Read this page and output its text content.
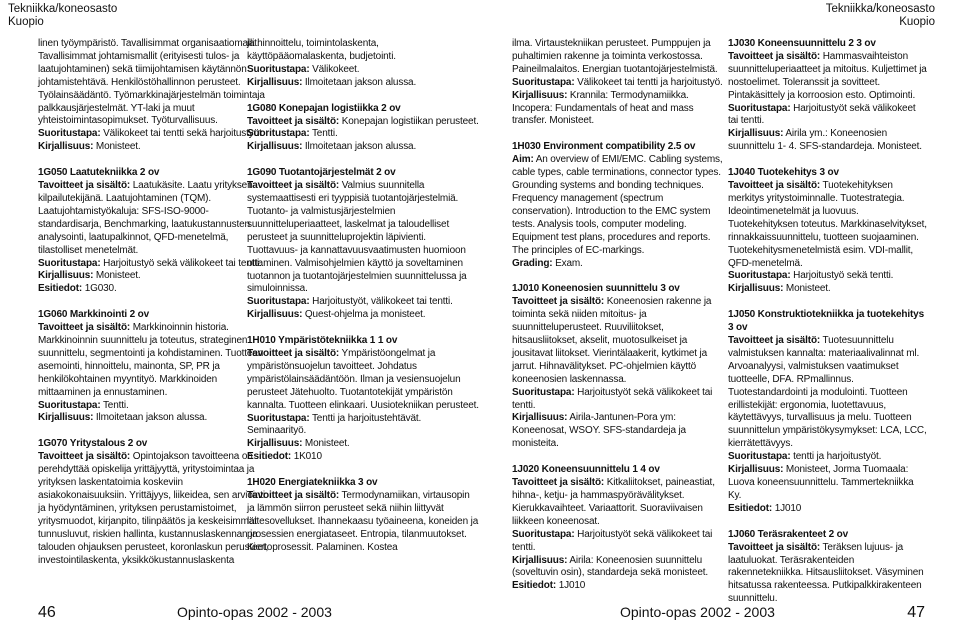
Tekniikka/koneosasto
Kuopio
Tekniikka/koneosasto
Kuopio

linen työympäristö. Tavallisimmat organisaatiomallit. Tavallisimmat johtamismallit (erityisesti tulos- ja laatujohtaminen) sekä tiimijohtamisen käytännön johtamistehtävä. Henkilöstöhallinnon perusteet. Työlainsäädäntö. Työmarkkinajärjestelmän toimintaja palkkausjärjestelmät. YT-laki ja muut yhteistoimintasopimukset. Työturvallisuus.

Suoritustapa: Välikokeet tai tentti sekä harjoitustyöt.

Kirjallisuus: Monisteet.

1G050 Laatutekniikka 2 ov

Tavoitteet ja sisältö: Laatukäsite. Laatu yrityksen kilpailutekijänä. Laatujohtaminen (TQM). Laatujohtamistyökaluja: SFS-ISO-9000-standardisarja, Benchmarking, laatukustannusten analysointi, laatupalkinnot, QFD-menetelmä, tilastolliset menetelmät.

Suoritustapa: Harjoitustyö sekä välikokeet tai tentti.

Kirjallisuus: Monisteet.

Esitiedot: 1G030.

1G060 Markkinointi 2 ov

Tavoitteet ja sisältö: Markkinoinnin historia. Markkinoinnin suunnittelu ja toteutus, strateginen suunnittelu, segmentointi ja kohdistaminen. Tuotteen asemointi, hinnoittelu, mainonta, SP, PR ja henkilökohtainen myyntityö. Markkinoiden mittaaminen ja ennustaminen.

Suoritustapa: Tentti.

Kirjallisuus: Ilmoitetaan jakson alussa.

1G070 Yritystalous 2 ov

Tavoitteet ja sisältö: Opintojakson tavoitteena on perehdyttää opiskelija yrittäjyyttä, yritystoimintaa ja yrityksen laskentatoimia koskeviin asiakokonaisuuksiin. Yrittäjyys, liikeidea, sen arviointi ja hyödyntäminen, yrityksen perustamistoimet, yritysmuodot, kirjanpito, tilinpäätös ja keskeisimmät tunnusluvut, riskien hallinta, kustannuslaskennan ja talouden ohjauksen perusteet, koronlaskun perusteet, investointilaskenta, yksikkökustannuslaskenta

ja hinnoittelu, toimintolaskenta, käyttöpääomalaskenta, budjetointi.

Suoritustapa: Välikokeet.

Kirjallisuus: Ilmoitetaan jakson alussa.

1G080 Konepajan logistiikka 2 ov

Tavoitteet ja sisältö: Konepajan logistiikan perusteet.

Suoritustapa: Tentti.

Kirjallisuus: Ilmoitetaan jakson alussa.

1G090 Tuotantojärjestelmät 2 ov

Tavoitteet ja sisältö: Valmius suunnitella systemaattisesti eri tyyppisiä tuotantojärjestelmiä. Tuotanto- ja valmistusjärjestelmien suunnitteluperiaatteet, laskelmat ja taloudelliset perusteet ja suunnitteluprojektin läpivienti. Tuottavuus- ja kannattavuusvaatimusten huomioon ottaminen. Valmisohjelmien käyttö ja soveltaminen tuotannon ja tuotantojärjestelmien suunnittelussa ja simuloinnissa.

Suoritustapa: Harjoitustyöt, välikokeet tai tentti.

Kirjallisuus: Quest-ohjelma ja monisteet.

1H010 Ympäristötekniikka 1 1 ov

Tavoitteet ja sisältö: Ympäristöongelmat ja ympäristönsuojelun tavoitteet. Johdatus ympäristölainsäädäntöön. Ilman ja vesiensuojelun perusteet Jätehuolto. Tuotantotekijät ympäristön kannalta. Tuotteen elinkaari. Uusiotekniikan perusteet.

Suoritustapa: Tentti ja harjoitustehtävät. Seminaarityö.

Kirjallisuus: Monisteet.

Esitiedot: 1K010

1H020 Energiatekniikka 3 ov

Tavoitteet ja sisältö: Termodynamiikan, virtausopin ja lämmön siirron perusteet sekä niihin liittyvät laitesovellukset. Ihannekaasu työaineena, koneiden ja prosessien energiataseet. Entropia, tilanmuutokset. Kiertoprosessit. Palaminen. Kostea

ilma. Virtaustekniikan perusteet. Pumppujen ja puhaltimien rakenne ja toiminta verkostossa. Paineilmalaitos. Energian tuotantojärjestelmistä.

Suoritustapa: Välikokeet tai tentti ja harjoitustyö.

Kirjallisuus: Krannila: Termodynamiikka. Incopera: Fundamentals of heat and mass transfer. Monisteet.

1H030 Environment compatibility 2.5 ov

Aim: An overview of EMI/EMC. Cabling systems, cable types, cable terminations, connector types. Grounding systems and bonding techniques. Frequency management (spectrum conservation). Introduction to the EMC system tests. Analysis tools, computer modeling. Equipment test plans, procedures and reports. The principles of EC-markings.

Grading: Exam.

1J010 Koneenosien suunnittelu 3 ov

Tavoitteet ja sisältö: Koneenosien rakenne ja toiminta sekä niiden mitoitus- ja suunnitteluperusteet. Ruuviliitokset, hitsausliitokset, akselit, muotosulkeiset ja jousitavat liitokset. Vierintälaakerit, kytkimet ja jarrut. Hihnavälitykset. PC-ohjelmien käyttö koneenosien laskennassa.

Suoritustapa: Harjoitustyöt sekä välikokeet tai tentti.

Kirjallisuus: Airila-Jantunen-Pora ym: Koneenosat, WSOY. SFS-standardeja ja monisteita.

1J020 Koneensuunnittelu 1 4 ov

Tavoitteet ja sisältö: Kitkaliitokset, paineastiat, hihna-, ketju- ja hammaspyörävälitykset. Kierukkavaihteet. Variaattorit. Suoraviivaisen liikkeen koneenosat.

Suoritustapa: Harjoitustyöt sekä välikokeet tai tentti.

Kirjallisuus: Airila: Koneenosien suunnittelu (soveltuvin osin), standardeja sekä monisteet.

Esitiedot: 1J010

1J030 Koneensuunnittelu 2 3 ov

Tavoitteet ja sisältö: Hammasvaihteiston suunnitteluperiaatteet ja mitoitus. Kuljettimet ja nostoelimet. Toleranssit ja sovitteet. Pintakäsittely ja korroosion esto. Optimointi.

Suoritustapa: Harjoitustyöt sekä välikokeet tai tentti.

Kirjallisuus: Airila ym.: Koneenosien suunnittelu 1- 4. SFS-standardeja. Monisteet.

1J040 Tuotekehitys 3 ov

Tavoitteet ja sisältö: Tuotekehityksen merkitys yritystoiminnalle. Tuotestrategia. Ideointimenetelmät ja luovuus. Tuotekehityksen toteutus. Markkinaselvitykset, rinnakkaissuunnittelu, tuotteen suojaaminen. Tuotekehitysmenetelmistä esim. VDI-mallit, QFD-menetelmä.

Suoritustapa: Harjoitustyö sekä tentti.

Kirjallisuus: Monisteet.

1J050 Konstruktiotekniikka ja tuotekehitys 3 ov

Tavoitteet ja sisältö: Tuotesuunnittelu valmistuksen kannalta: materiaalivalinnat ml. Arvoanalyysi, valmistuksen vaatimukset tuotteelle, DFA. RPmallinnus. Tuotestandardointi ja modulointi. Tuotteen erillistekijät: ergonomia, luotettavuus, käytettävyys, turvallisuus ja melu. Tuotteen suunnittelun ympäristökysymykset: LCA, LCC, kierrätettävyys.

Suoritustapa: tentti ja harjoitustyöt.

Kirjallisuus: Monisteet, Jorma Tuomaala: Luova koneensuunnittelu. Tammertekniikka Ky.

Esitiedot: 1J010

1J060 Teräsrakenteet 2 ov

Tavoitteet ja sisältö: Teräksen lujuus- ja laatuluokat. Teräsrakenteiden rakennetekniikka. Hitsausliitokset. Väsyminen hitsatussa rakenteessa. Putkipalkkirakenteen suunnittelu.

46	Opinto-opas 2002 - 2003	Opinto-opas 2002 - 2003	47
